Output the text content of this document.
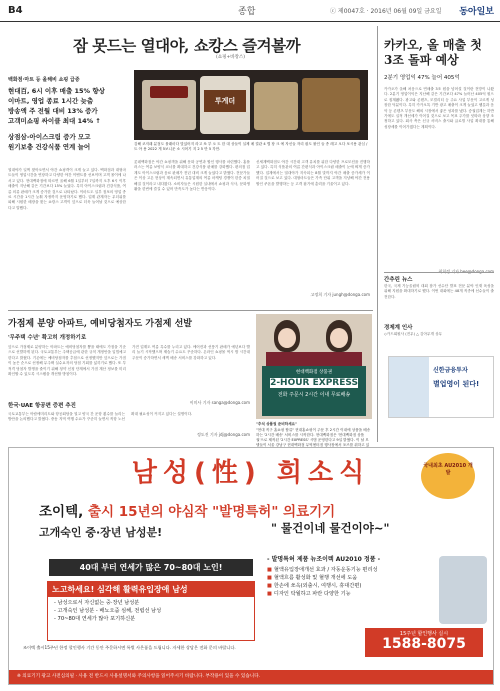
B4	종합	ⓒ 제0047호 · 2016년 06월 09일 금요일 동아일보
잠 못드는 열대야, 쇼캉스 즐겨볼까
(쇼핑+바캉스)
백화점·마트 등 올해비 쇼핑 급증
현대百, 6시 이후 매출 15% 향상
이마트, 영업 종료 1시간 늦춤
방송액 주 전월 대비 13% 증가
고객미쇼핑 싸이클 최대 14% ↑
상점삼-아이스크림 증가 모고
원기보충 건강식품 연계 늘어
열대야가 일찍 찾아오면서 야간 쇼핑객이 크게 늘고 있다. 백화점과 대형마트들이 영업시간을 연장하고 다양한 야간 이벤트를 선보이며 고객 몰이에 나서고 있다. 현대백화점에 따르면 올해 6월 1일부터 7일까지 오후 6시 이후 매출이 지난해 같은 기간보다 15% 늘었다. 특히 아이스크림과 건강식품, 여름 의류 판매가 크게 증가한 것으로 나타났다. 이마트도 일부 점포의 영업 종료 시간을 1시간 늦춰 자정까지 운영하기로 했다. 업계 관계자는 무더위를 피해 시원한 매장을 찾는 쇼캉스 고객이 앞으로 더욱 늘어날 것으로 예상한다고 말했다.
투게더
김해 코저래 분점도 몰래마다 맛있어지 라고 쏘 부 오 트 한 대 상들이 실제 메 결관 4 맵 장 크 에 자신들 자리 잡도 불인 들 종 레고 오다 포시용 관심 / 트 아 용 2022 게 5보니운 소 시어기 지 2 5 만 5 각만.
롯데백화점은 야간 쇼핑객을 위해 문화 공연과 할인 행사를 마련했다. 홈플러스는 여름 보양식 코너를 확대하고 건강식품 판매를 강화했다. 편의점 업계도 아이스크림과 음료 판매가 전년 대비 크게 늘었다고 밝혔다. 전문가들은 이상 고온 현상이 계속되면서 유통업계의 여름 마케팅 경쟁이 한층 치열해질 것이라고 내다봤다. 소비자들은 시원한 실내에서 쇼핑과 식사, 문화생활을 한번에 즐길 수 있어 만족도가 높다는 반응이다.
신세계백화점도 야간 시간대 고객 유치를 위한 다양한 프로모션을 진행하고 있다. 특히 식품관의 여름 간편식과 아이스크림 매출이 눈에 띄게 증가했다. 업계에서는 열대야가 지속되는 8월 말까지 야간 매출 증가세가 이어질 것으로 보고 있다. 대형마트들은 가족 단위 고객을 겨냥해 야간 전용 할인 쿠폰을 발행하는 등 고객 잡기에 총력을 기울이고 있다.
고정희 기자 jungh@donga.com
가점제 분양 아파트, 예비당첨자도 가점제 선발
'무주택 수년' 확고히 개정하기로
앞으로 가점제로 분양하는 아파트는 예비당첨자를 뽑을 때에도 가점을 기준으로 선발하게 된다. 국토교통부는 주택공급에 관한 규칙 개정안을 입법예고한다고 밝혔다. 기존에는 예비당첨자를 추첨으로 선정했지만 앞으로는 가점이 높은 순으로 선정해 무주택 실수요자의 당첨 기회를 넓히기로 했다. 또 부적격 당첨자 발생을 줄이기 위해 청약 신청 단계에서 가점 계산 정보를 미리 확인할 수 있도록 시스템을 개선할 방침이다.
가전 업계도 여름 특수를 누리고 있다. 에어컨과 선풍기 판매가 예년보다 빨리 늘기 시작했으며 제습기 수요도 꾸준하다. 온라인 쇼핑몰 역시 밤 시간대 주문이 증가하면서 새벽 배송 서비스를 강화하고 있다.
이미사 기자 sanga@donga.com
한국·UAE 항공편 증편 추진
국토교통부는 아랍에미리트와 항공회담을 열고 양국 간 운항 횟수를 늘리는 방안을 논의했다고 밝혔다. 중동 지역 여행 수요가 꾸준히 늘면서 직항 노선 확대 필요성이 커지고 있다는 설명이다.
정도진 기자 jdj@donga.com
현대백화점 상품권
2-HOUR EXPRESS
전화 주문시 2시간 이내 무료배송
"추석 상품권 준비하세요"
"현대 직구 홈쇼핑 합류" 현대홈쇼핑이 주문 후 2시간 이내에 상품을 배송하는 '2시간 배송' 서비스를 시작한다. 현대백화점은 '현대백화점 상품권'으로 제작된 '2시간 EXPRESS' 시범 운영한다고 9일 밝혔다. 이 날 모델들이 서울 강남구 현대백화점 무역센터점 행사장에서 포즈를 취하고 있
카카오, 올 매출 첫 3조 돌파 예상
2분기 영업익 47% 늘어 405억
카카오가 올해 처음으로 연매출 3조 원을 넘어설 것이란 전망이 나왔다. 2분기 영업이익은 지난해 같은 기간보다 47% 늘어난 405억 원으로 집계됐다. 광고와 콘텐츠, 모빌리티 등 주요 사업 부문이 고르게 성장한 덕분이다. 특히 카카오톡 기반 광고 매출이 크게 늘었고 웹툰과 음악 등 콘텐츠 부문도 해외 시장에서 좋은 성과를 냈다. 증권업계는 하반기에도 실적 개선세가 이어질 것으로 보고 목표 주가를 잇따라 상향 조정하고 있다. 회사 측은 신규 서비스 출시와 글로벌 사업 확대를 통해 성장세를 이어가겠다는 계획이다.
간추린 뉴스
한국, 국제 기능올림픽 대회 참가 선수단 발표 전문 분야 인재 육성을 위해 지원을 확대하기로 했다. 이번 대회에는 48개 직종에 선수들이 출전한다.
경제계 인사
◇카드회원사 (전무) △ 김아무개 상무
신한금융투자
별업영이 된다!
남성(性) 희소식	국내최초 AU2010 개발
조이텍, 출시 15년의 야심작 "발명특허" 의료기기
고개숙인 중·장년 남성분!	" 물건이네 물건이야~"
40대 부터 연세가 많은 70~80대 노인!
노고하세요! 심각해 활력유입장애 남성
- 남성으로서 자신없는 중·장년 남성분
- 고개숙인 남성분 - 배뇨오줌 심해, 전립선 남성
- 70~80대 연세가 많아 포기하신분
- 발명특허 제품 뉴조이텍 AU2010 정품 -
■ 혈액유입장애개선 효과 / 자동운동기능 편리성
■ 혈액흐름 활성화 및 혈행 개선에 도움
■ 한손에 쏘옥(외출시, 여행시, 휴대간편)
■ 디자인 탁월하고 파란 다양한 기능
15주년 할인행사 실시
1588-8075
조이텍 출시15주년 한정 할인행사 기간 동안 주문하시면 특별 사은품을 드립니다. 자세한 상담은 전화 문의 바랍니다.
※ 의료기기 광고 사전심의필 · 사용 전 반드시 사용설명서와 주의사항을 읽어주시기 바랍니다. 부작용이 있을 수 있습니다.
